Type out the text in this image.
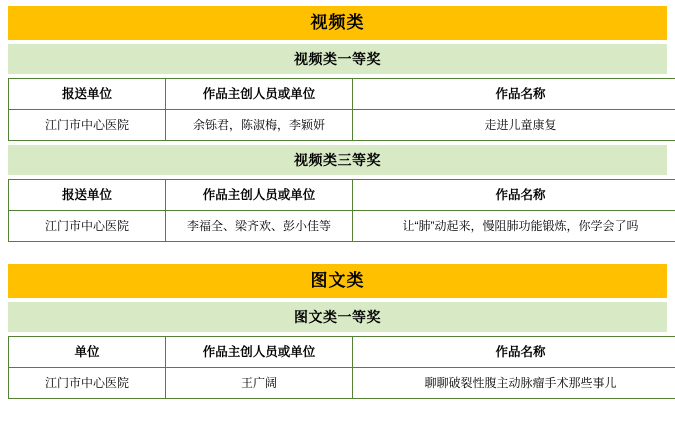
视频类
视频类一等奖
报送单位	作品主创人员或单位	作品名称
江门市中心医院	余铄君，陈淑梅，李颖妍	走进儿童康复
视频类三等奖
报送单位	作品主创人员或单位	作品名称
江门市中心医院	李福全、梁齐欢、彭小佳等	让“肺”动起来，慢阻肺功能锻炼，你学会了吗
图文类
图文类一等奖
单位	作品主创人员或单位	作品名称
江门市中心医院	王广阔	聊聊破裂性腹主动脉瘤手术那些事儿
